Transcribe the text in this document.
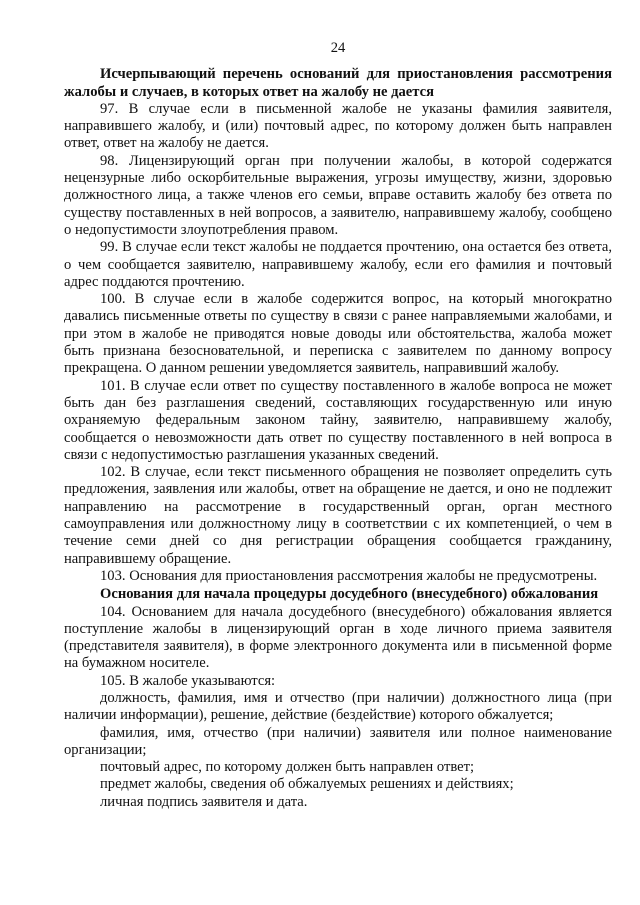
24
Исчерпывающий перечень оснований для приостановления рассмотрения жалобы и случаев, в которых ответ на жалобу не дается

97. В случае если в письменной жалобе не указаны фамилия заявителя, направившего жалобу, и (или) почтовый адрес, по которому должен быть направлен ответ, ответ на жалобу не дается.

98. Лицензирующий орган при получении жалобы, в которой содержатся нецензурные либо оскорбительные выражения, угрозы имуществу, жизни, здоровью должностного лица, а также членов его семьи, вправе оставить жалобу без ответа по существу поставленных в ней вопросов, а заявителю, направившему жалобу, сообщено о недопустимости злоупотребления правом.

99. В случае если текст жалобы не поддается прочтению, она остается без ответа, о чем сообщается заявителю, направившему жалобу, если его фамилия и почтовый адрес поддаются прочтению.

100. В случае если в жалобе содержится вопрос, на который многократно давались письменные ответы по существу в связи с ранее направляемыми жалобами, и при этом в жалобе не приводятся новые доводы или обстоятельства, жалоба может быть признана безосновательной, и переписка с заявителем по данному вопросу прекращена. О данном решении уведомляется заявитель, направивший жалобу.

101. В случае если ответ по существу поставленного в жалобе вопроса не может быть дан без разглашения сведений, составляющих государственную или иную охраняемую федеральным законом тайну, заявителю, направившему жалобу, сообщается о невозможности дать ответ по существу поставленного в ней вопроса в связи с недопустимостью разглашения указанных сведений.

102. В случае, если текст письменного обращения не позволяет определить суть предложения, заявления или жалобы, ответ на обращение не дается, и оно не подлежит направлению на рассмотрение в государственный орган, орган местного самоуправления или должностному лицу в соответствии с их компетенцией, о чем в течение семи дней со дня регистрации обращения сообщается гражданину, направившему обращение.

103. Основания для приостановления рассмотрения жалобы не предусмотрены.

Основания для начала процедуры досудебного (внесудебного) обжалования

104. Основанием для начала досудебного (внесудебного) обжалования является поступление жалобы в лицензирующий орган в ходе личного приема заявителя (представителя заявителя), в форме электронного документа или в письменной форме на бумажном носителе.

105. В жалобе указываются:

должность, фамилия, имя и отчество (при наличии) должностного лица (при наличии информации), решение, действие (бездействие) которого обжалуется;

фамилия, имя, отчество (при наличии) заявителя или полное наименование организации;

почтовый адрес, по которому должен быть направлен ответ;

предмет жалобы, сведения об обжалуемых решениях и действиях;

личная подпись заявителя и дата.
